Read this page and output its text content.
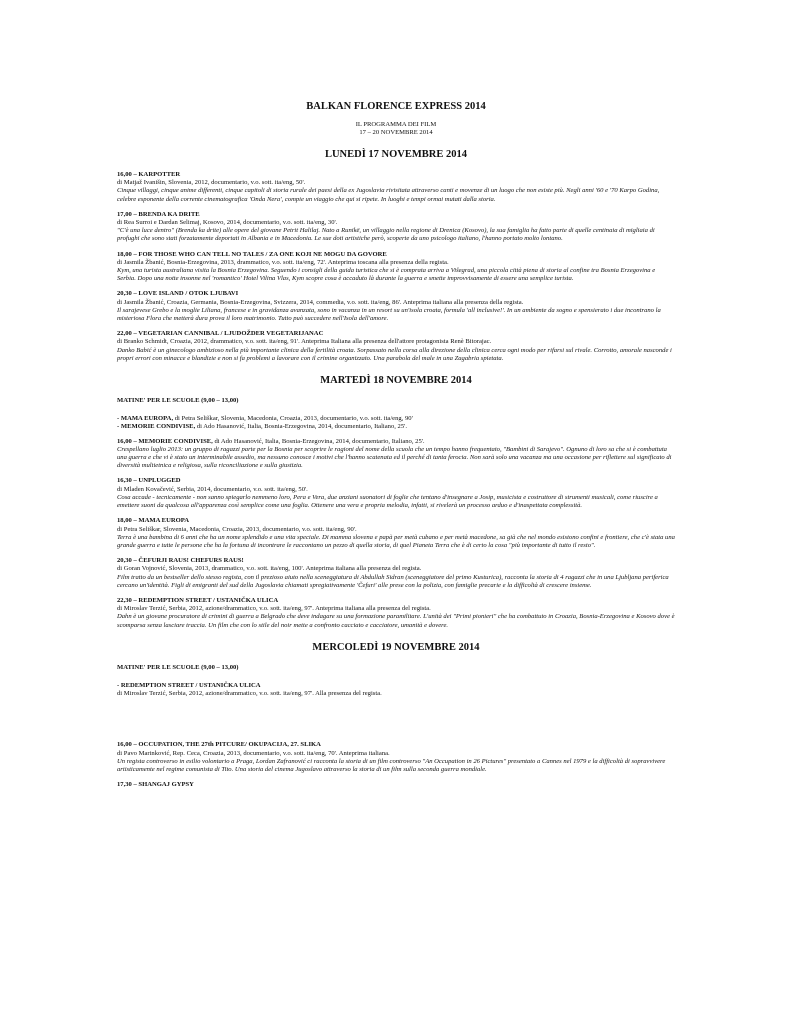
BALKAN FLORENCE EXPRESS 2014
IL PROGRAMMA DEI FILM
17 – 20 NOVEMBRE 2014
LUNEDÌ 17 NOVEMBRE 2014
16,00 – KARPOTTER
di Matjaž Ivanišin, Slovenia, 2012, documentario, v.o. sott. ita/eng, 50'.
Cinque villaggi, cinque anime differenti, cinque capitoli di storia rurale dei paesi della ex Jugoslavia rivisitata attraverso canti e movenze di un luogo che non esiste più. Negli anni '60 e '70 Karpo Godina, celebre esponente della corrente cinematografica 'Onda Nera', compie un viaggio che qui si ripete. In luoghi e tempi ormai mutati dalla storia.
17,00 – BRENDA KA DRITE
di Rea Surroi e Dardan Selimaj, Kosovo, 2014, documentario, v.o. sott. ita/eng, 30'.
"C'è una luce dentro" (Brenda ka drite) alle opere del giovane Petrit Halilaj. Nato a Runikë, un villaggio nella regione di Drenica (Kosovo), la sua famiglia ha fatto parte di quelle centinaia di migliaia di profughi che sono stati forzatamente deportati in Albania e in Macedonia. Le sue doti artistiche però, scoperte da uno psicologo italiano, l'hanno portato molto lontano.
18,00 – FOR THOSE WHO CAN TELL NO TALES / ZA ONE KOJI NE MOGU DA GOVORE
di Jasmila Žbanić, Bosnia-Erzegovina, 2013, drammatico, v.o. sott. ita/eng, 72'. Anteprima toscana alla presenza della regista.
Kym, una turista australiana visita la Bosnia Erzegovina. Seguendo i consigli della guida turistica che si è comprata arriva a Višegrad, una piccola città piena di storia al confine tra Bosnia Erzegovina e Serbia. Dopo una notte insonne nel 'romantico' Hotel Vilina Vlas, Kym scopre cosa è accaduto là durante la guerra e smette improvvisamente di essere una semplice turista.
20,30 – LOVE ISLAND / OTOK LJUBAVI
di Jasmila Žbanić, Croazia, Germania, Bosnia-Erzegovina, Svizzera, 2014, commedia, v.o. sott. ita/eng, 86'. Anteprima italiana alla presenza della regista.
Il sarajevese Grebo e la moglie Liliana, francese e in gravidanza avanzata, sono in vacanza in un resort su un'isola croata, formula 'all inclusive!'. In un ambiente da sogno e spensierato i due incontrano la misteriosa Flora che metterà dura prova il loro matrimonio. Tutto può succedere nell'Isola dell'amore.
22,00 – VEGETARIAN CANNIBAL / LJUDOŽDER VEGETARIJANAC
di Branko Schmidt, Croazia, 2012, drammatico, v.o. sott. ita/eng, 91'. Anteprima Italiana alla presenza dell'attore protagonista Renè Bitorajac.
Danko Babić è un ginecologo ambizioso nella più importante clinica della fertilità croata. Sorpassato nella corsa alla direzione della clinica cerca ogni modo per rifarsi sul rivale. Corrotto, amorale nasconde i propri errori con minacce e blandizie e non si fa problemi a lavorare con il crimine organizzato. Una parabola del male in una Zagabria spietata.
MARTEDÌ 18 NOVEMBRE 2014
MATINE' PER LE SCUOLE (9,00 – 13,00)
- MAMA EUROPA, di Petra Seliškar, Slovenia, Macedonia, Croazia, 2013, documentario, v.o. sott. ita/eng, 90'
- MEMORIE CONDIVISE, di Ado Hasanović, Italia, Bosnia-Erzegovina, 2014, documentario, Italiano, 25'.
16,00 – MEMORIE CONDIVISE, di Ado Hasanović, Italia, Bosnia-Erzegovina, 2014, documentario, Italiano, 25'.
Crespellano luglio 2013: un gruppo di ragazzi parte per la Bosnia per scoprire le ragioni del nome della scuola che un tempo hanno frequentato, "Bambini di Sarajevo". Ognuno di loro sa che si è combattuta una guerra e che vi è stato un interminabile assedio, ma nessuno conosce i motivi che l'hanno scatenata ed il perché di tanta ferocia. Non sarà solo una vacanza ma una occasione per riflettere sul significato di diversità multietnica e religiosa, sulla riconciliazione e sulla giustizia.
16,30 – UNPLUGGED
di Mladen Kovačević, Serbia, 2014, documentario, v.o. sott. ita/eng, 50'.
Cosa accade - tecnicamente - non sanno spiegarlo nemmeno loro, Pera e Vera, due anziani suonatori di foglie che tentano d'insegnare a Josip, musicista e costruttore di strumenti musicali, come riuscire a emettere suoni da qualcosa all'apparenza così semplice come una foglia. Ottenere una vera e propria melodia, infatti, si rivelerà un processo arduo e d'inaspettata complessità.
18,00 – MAMA EUROPA
di Petra Seliškar, Slovenia, Macedonia, Croazia, 2013, documentario, v.o. sott. ita/eng, 90'.
Terra è una bambina di 6 anni che ha un nome splendido e una vita speciale. Di mamma slovena e papà per metà cubano e per metà macedone, sa già che nel mondo esistono confini e frontiere, che c'è stata una grande guerra e tutte le persone che ha la fortuna di incontrare le raccontano un pezzo di quella storia, di quel Pianeta Terra che è di certo la cosa "più importante di tutto il resto".
20,30 – ČEFURJI RAUS! CHEFURS RAUS!
di Goran Vojnović, Slovenia, 2013, drammatico, v.o. sott. ita/eng, 100'. Anteprima italiana alla presenza del regista.
Film tratto da un bestseller dello stesso regista, con il prezioso aiuto nella sceneggiatura di Abdullah Sidran (sceneggiatore del primo Kusturica), racconta la storia di 4 ragazzi che in una Ljubljana periferica cercano un'identità. Figli di emigranti del sud della Jugoslavia chiamati spregiativamente 'Čefuri' alle prese con la polizia, con famiglie precarie e la difficoltà di crescere insieme.
22,30 – REDEMPTION STREET / USTANIČKA ULICA
di Miroslav Terzić, Serbia, 2012, azione/drammatico, v.o. sott. ita/eng, 97'. Anteprima italiana alla presenza del regista.
Dahn è un giovane procuratore di crimini di guerra a Belgrado che deve indagare su una formazione paramilitare. L'unità dei "Primi pionieri" che ha combattuto in Croazia, Bosnia-Erzegovina e Kosovo dove è scomparsa senza lasciare traccia. Un film che con lo stile del noir mette a confronto cacciato e cacciatore, umanità e dovere.
MERCOLEDÌ 19 NOVEMBRE 2014
MATINE' PER LE SCUOLE (9,00 – 13,00)
- REDEMPTION STREET / USTANIČKA ULICA
di Miroslav Terzić, Serbia, 2012, azione/drammatico, v.o. sott. ita/eng, 97'. Alla presenza del regista.
16,00 – OCCUPATION, THE 27th PITCURE/ OKUPACIJA, 27. SLIKA
di Pavo Marinković, Rep. Ceca, Croazia, 2013, documentario, v.o. sott. ita/eng, 70'. Anteprima italiana.
Un regista controverso in esilio volontario a Praga, Lordan Zafranović ci racconta la storia di un film controverso "An Occupation in 26 Pictures" presentato a Cannes nel 1979 e la difficoltà di sopravvivere artisticamente nel regime comunista di Tito. Una storia del cinema Jugoslavo attraverso la storia di un film sulla seconda guerra mondiale.
17,30 – SHANGAJ GYPSY
